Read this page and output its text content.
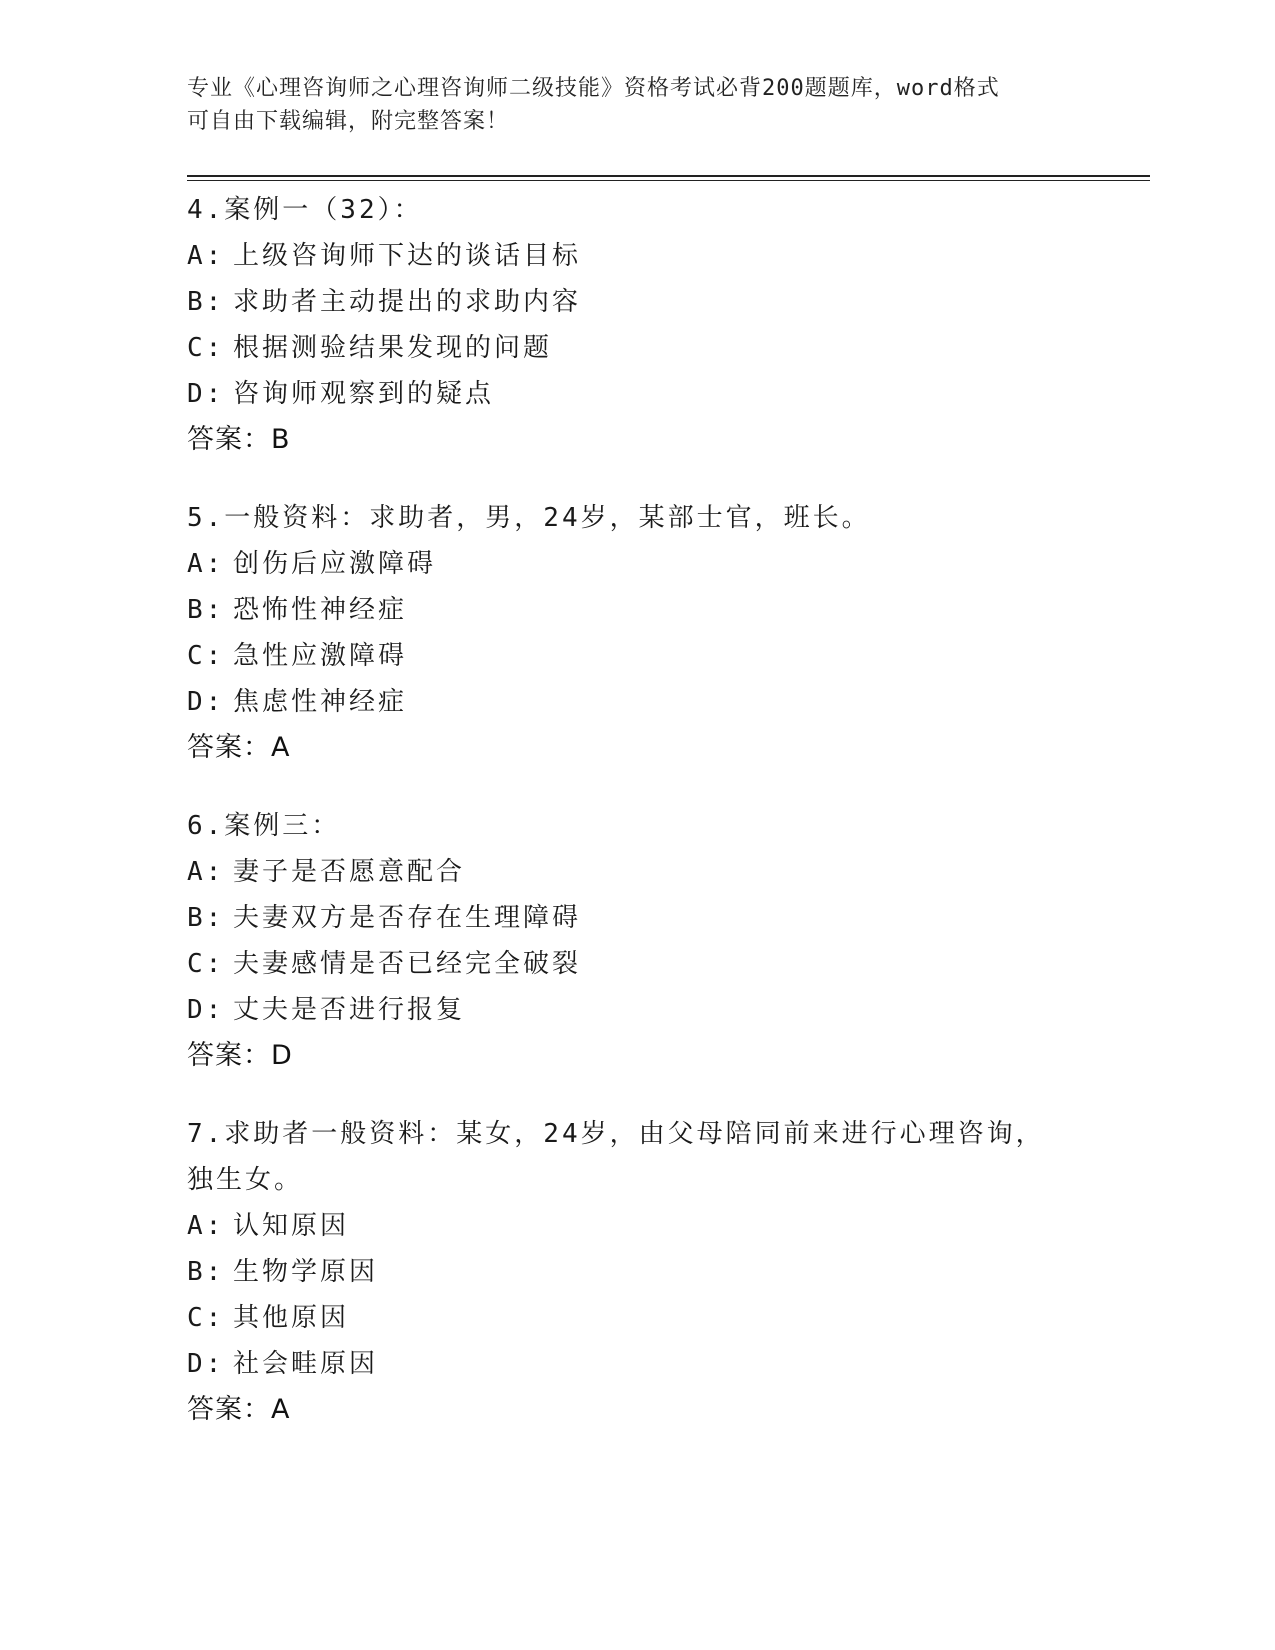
专业《心理咨询师之心理咨询师二级技能》资格考试必背200题题库，word格式
可自由下载编辑，附完整答案！
4.案例一（32）：
A: 上级咨询师下达的谈话目标
B: 求助者主动提出的求助内容
C: 根据测验结果发现的问题
D: 咨询师观察到的疑点
答案：B
5.一般资料：求助者，男，24岁，某部士官，班长。
A: 创伤后应激障碍
B: 恐怖性神经症
C: 急性应激障碍
D: 焦虑性神经症
答案：A
6.案例三：
A: 妻子是否愿意配合
B: 夫妻双方是否存在生理障碍
C: 夫妻感情是否已经完全破裂
D: 丈夫是否进行报复
答案：D
7.求助者一般资料：某女，24岁，由父母陪同前来进行心理咨询，独生女。
A: 认知原因
B: 生物学原因
C: 其他原因
D: 社会畦原因
答案：A
